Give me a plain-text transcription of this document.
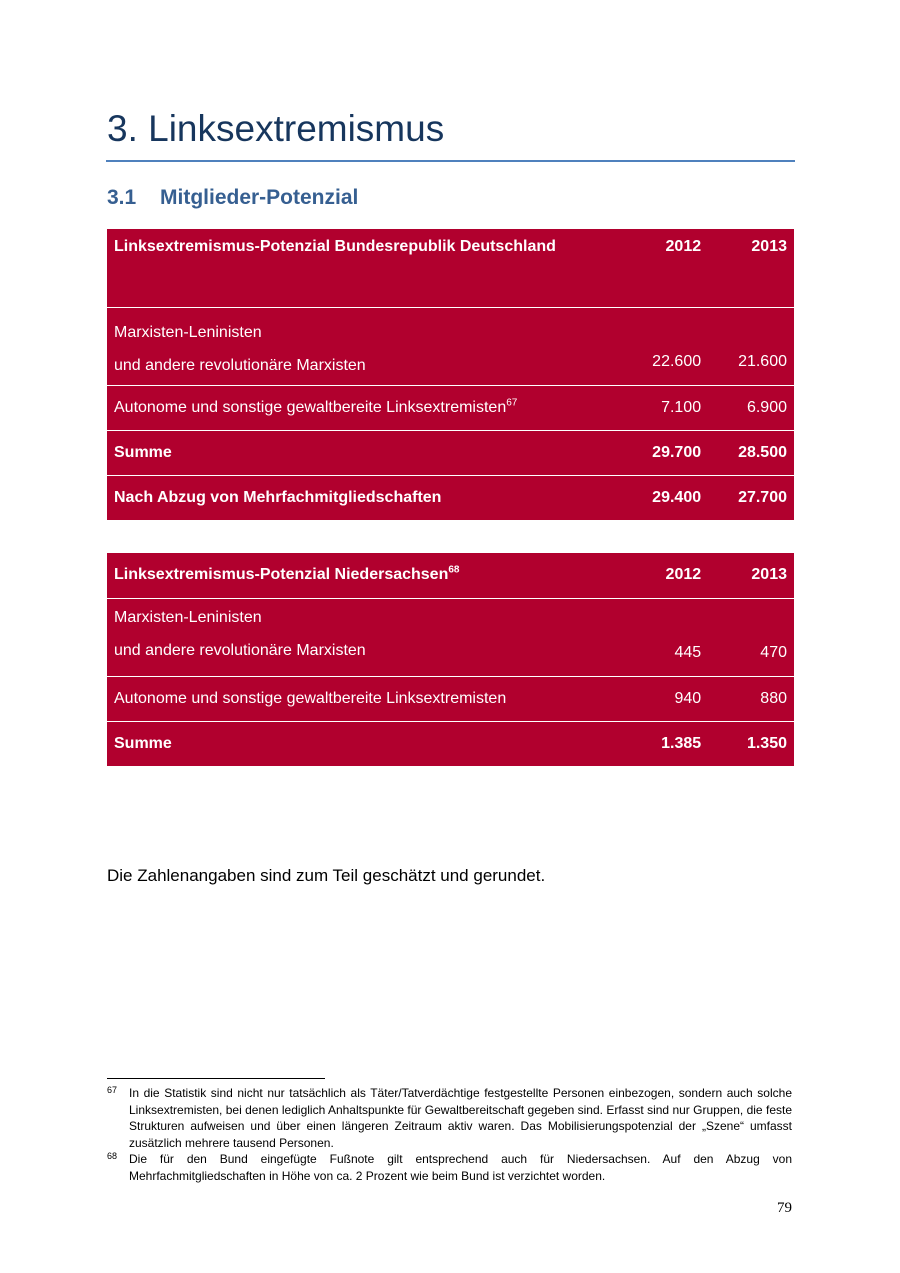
3. Linksextremismus
3.1 Mitglieder-Potenzial
Linksextremismus-Potenzial Bundesrepublik Deutschland	2012	2013

Marxisten-Leninisten
und andere revolutionäre Marxisten	22.600	21.600
Autonome und sonstige gewaltbereite Linksextremisten$^{67}$	7.100	6.900
Summe	29.700	28.500
Nach Abzug von Mehrfachmitgliedschaften	29.400	27.700
Linksextremismus-Potenzial Niedersachsen$^{68}$	2012	2013

Marxisten-Leninisten
und andere revolutionäre Marxisten	445	470
Autonome und sonstige gewaltbereite Linksextremisten	940	880
Summe	1.385	1.350

Die Zahlenangaben sind zum Teil geschätzt und gerundet.

67 In die Statistik sind nicht nur tatsächlich als Täter/Tatverdächtige festgestellte Personen einbezogen, sondern auch solche Linksextremisten, bei denen lediglich Anhaltspunkte für Gewaltbereitschaft gegeben sind. Erfasst sind nur Gruppen, die feste Strukturen aufweisen und über einen längeren Zeitraum aktiv waren. Das Mobilisierungspotenzial der „Szene“ umfasst zusätzlich mehrere tausend Personen.
68 Die für den Bund eingefügte Fußnote gilt entsprechend auch für Niedersachsen. Auf den Abzug von Mehrfachmitgliedschaften in Höhe von ca. 2 Prozent wie beim Bund ist verzichtet worden.
79
